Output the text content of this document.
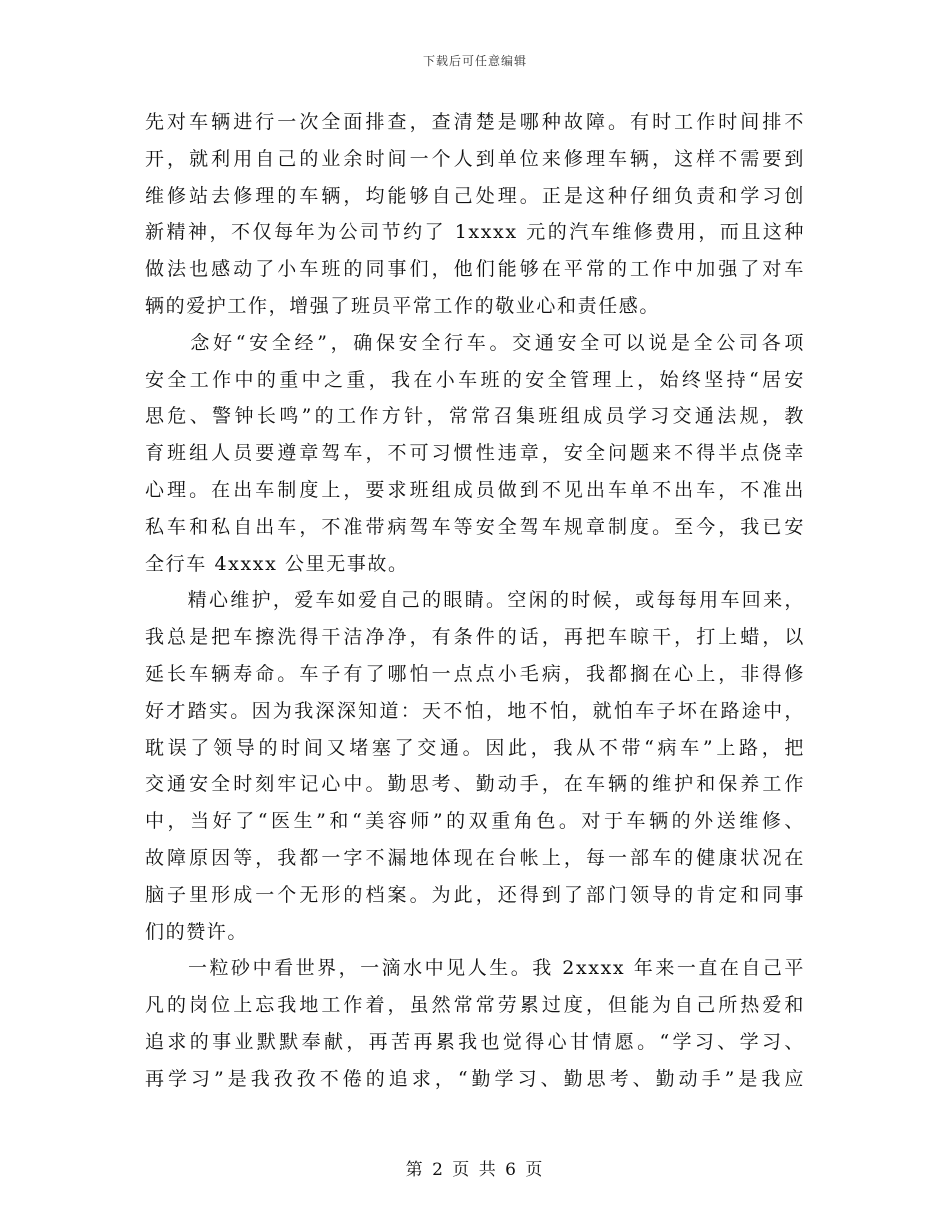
下载后可任意编辑
先对车辆进行一次全面排查，查清楚是哪种故障。有时工作时间排不
开，就利用自己的业余时间一个人到单位来修理车辆，这样不需要到
维修站去修理的车辆，均能够自己处理。正是这种仔细负责和学习创
新精神，不仅每年为公司节约了 1xxxx 元的汽车维修费用，而且这种
做法也感动了小车班的同事们，他们能够在平常的工作中加强了对车
辆的爱护工作，增强了班员平常工作的敬业心和责任感。
　　念好“安全经”，确保安全行车。交通安全可以说是全公司各项
安全工作中的重中之重，我在小车班的安全管理上，始终坚持“居安
思危、警钟长鸣”的工作方针，常常召集班组成员学习交通法规，教
育班组人员要遵章驾车，不可习惯性违章，安全问题来不得半点侥幸
心理。在出车制度上，要求班组成员做到不见出车单不出车，不准出
私车和私自出车，不准带病驾车等安全驾车规章制度。至今，我已安
全行车 4xxxx 公里无事故。
　　精心维护，爱车如爱自己的眼睛。空闲的时候，或每每用车回来，
我总是把车擦洗得干洁净净，有条件的话，再把车晾干，打上蜡，以
延长车辆寿命。车子有了哪怕一点点小毛病，我都搁在心上，非得修
好才踏实。因为我深深知道：天不怕，地不怕，就怕车子坏在路途中，
耽误了领导的时间又堵塞了交通。因此，我从不带“病车”上路，把
交通安全时刻牢记心中。勤思考、勤动手，在车辆的维护和保养工作
中，当好了“医生”和“美容师”的双重角色。对于车辆的外送维修、
故障原因等，我都一字不漏地体现在台帐上，每一部车的健康状况在
脑子里形成一个无形的档案。为此，还得到了部门领导的肯定和同事
们的赞许。
　　一粒砂中看世界，一滴水中见人生。我 2xxxx 年来一直在自己平
凡的岗位上忘我地工作着，虽然常常劳累过度，但能为自己所热爱和
追求的事业默默奉献，再苦再累我也觉得心甘情愿。“学习、学习、
再学习”是我孜孜不倦的追求，“勤学习、勤思考、勤动手”是我应
第 2 页 共 6 页
